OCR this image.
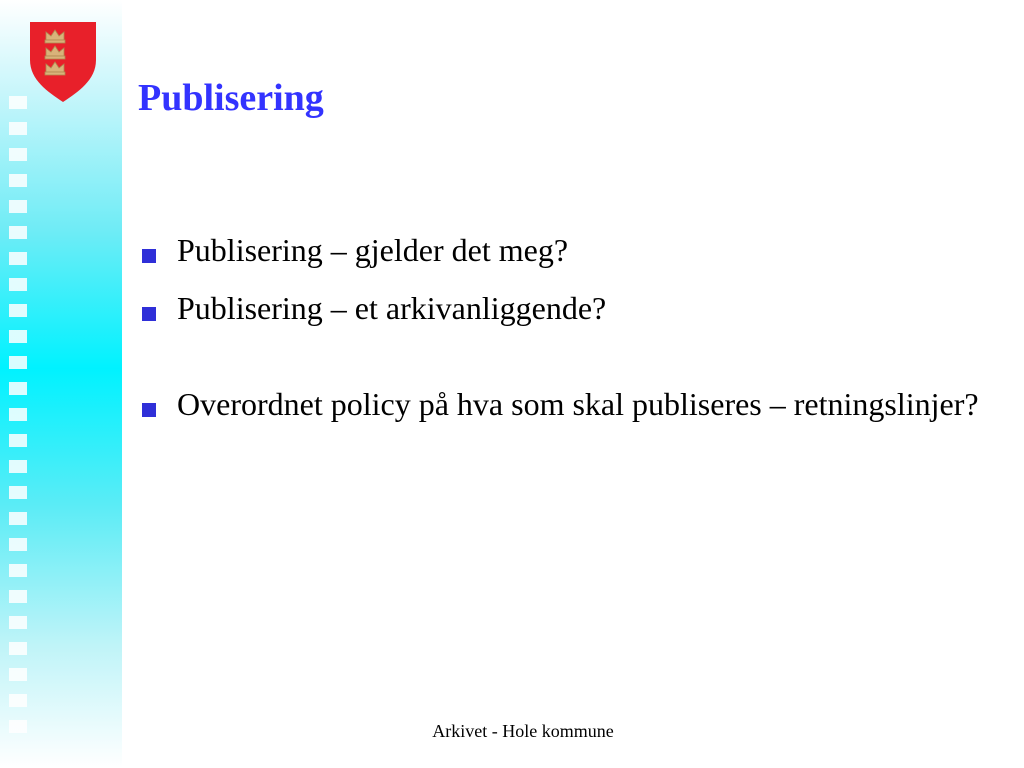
Publisering
Publisering – gjelder det meg?
Publisering – et arkivanliggende?
Overordnet policy på hva som skal publiseres – retningslinjer?
Arkivet - Hole kommune
